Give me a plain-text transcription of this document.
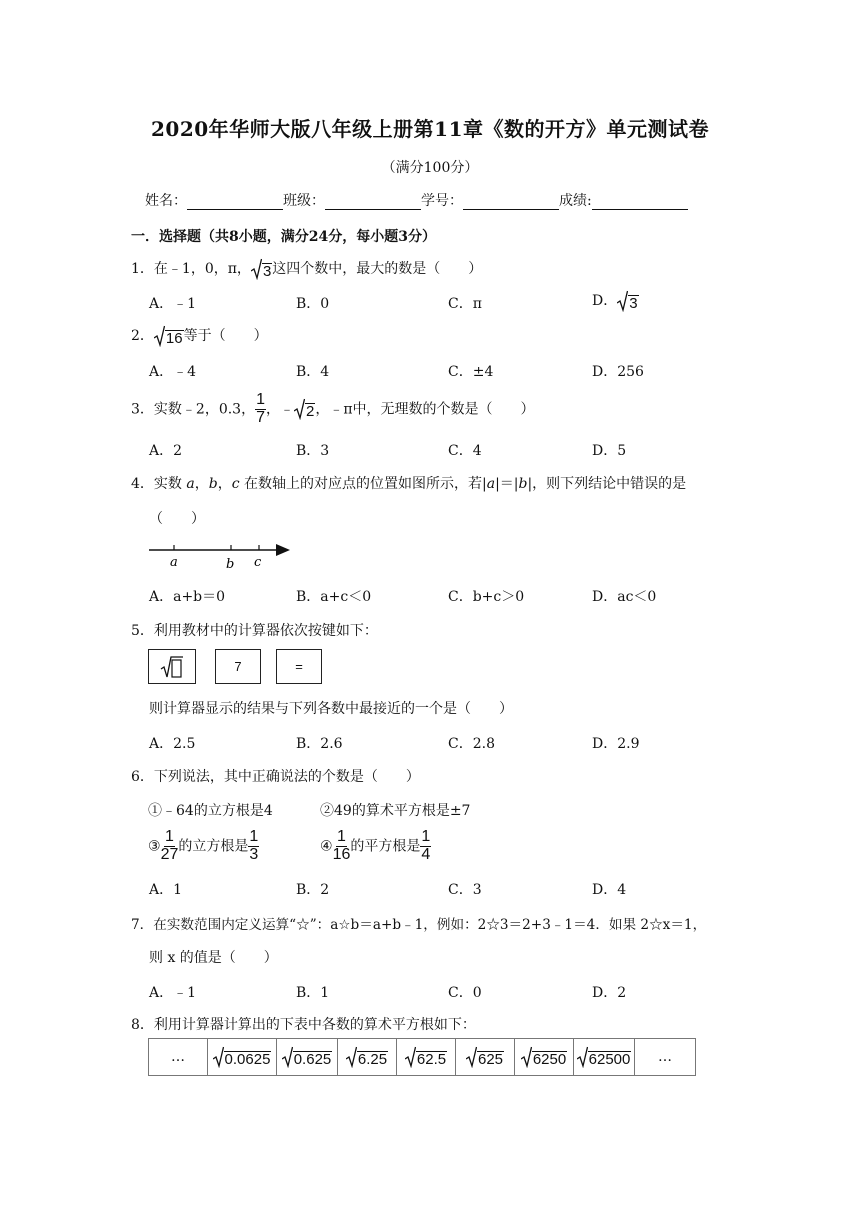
2020年华师大版八年级上册第11章《数的开方》单元测试卷
（满分100分）
姓名：	班级：	学号：	成绩:
一．选择题（共8小题，满分24分，每小题3分）
1．在﹣1，0，π， 3 这四个数中，最大的数是（　　）
A．﹣1	B．0	C．π	D． 3
2． 16 等于（　　）
A．﹣4	B．4	C．±4	D．256
3．实数﹣2，0.3， $\frac{1}{7}$ ，﹣ 2 ，﹣π中，无理数的个数是（　　）
A．2	B．3	C．4	D．5
4．实数 a，b，c 在数轴上的对应点的位置如图所示，若|a|＝|b|，则下列结论中错误的是
（　　）
a	b c
A．a+b＝0	B．a+c＜0	C．b+c＞0	D．ac＜0
5．利用教材中的计算器依次按键如下：
7	=
则计算器显示的结果与下列各数中最接近的一个是（　　）
A．2.5	B．2.6	C．2.8	D．2.9
6．下列说法，其中正确说法的个数是（　　）
①﹣64的立方根是4	②49的算术平方根是±7
③ $\frac{1}{27}$ 的立方根是 $\frac{1}{3}$	④ $\frac{1}{16}$ 的平方根是 $\frac{1}{4}$
A．1	B．2	C．3	D．4
7．在实数范围内定义运算“☆”：a☆b＝a+b﹣1，例如：2☆3＝2+3﹣1＝4．如果 2☆x＝1，
则 x 的值是（　　）
A．﹣1	B．1	C．0	D．2
8．利用计算器计算出的下表中各数的算术平方根如下：
…	0.0625	0.625	6.25	62.5	625	6250	62500	…
